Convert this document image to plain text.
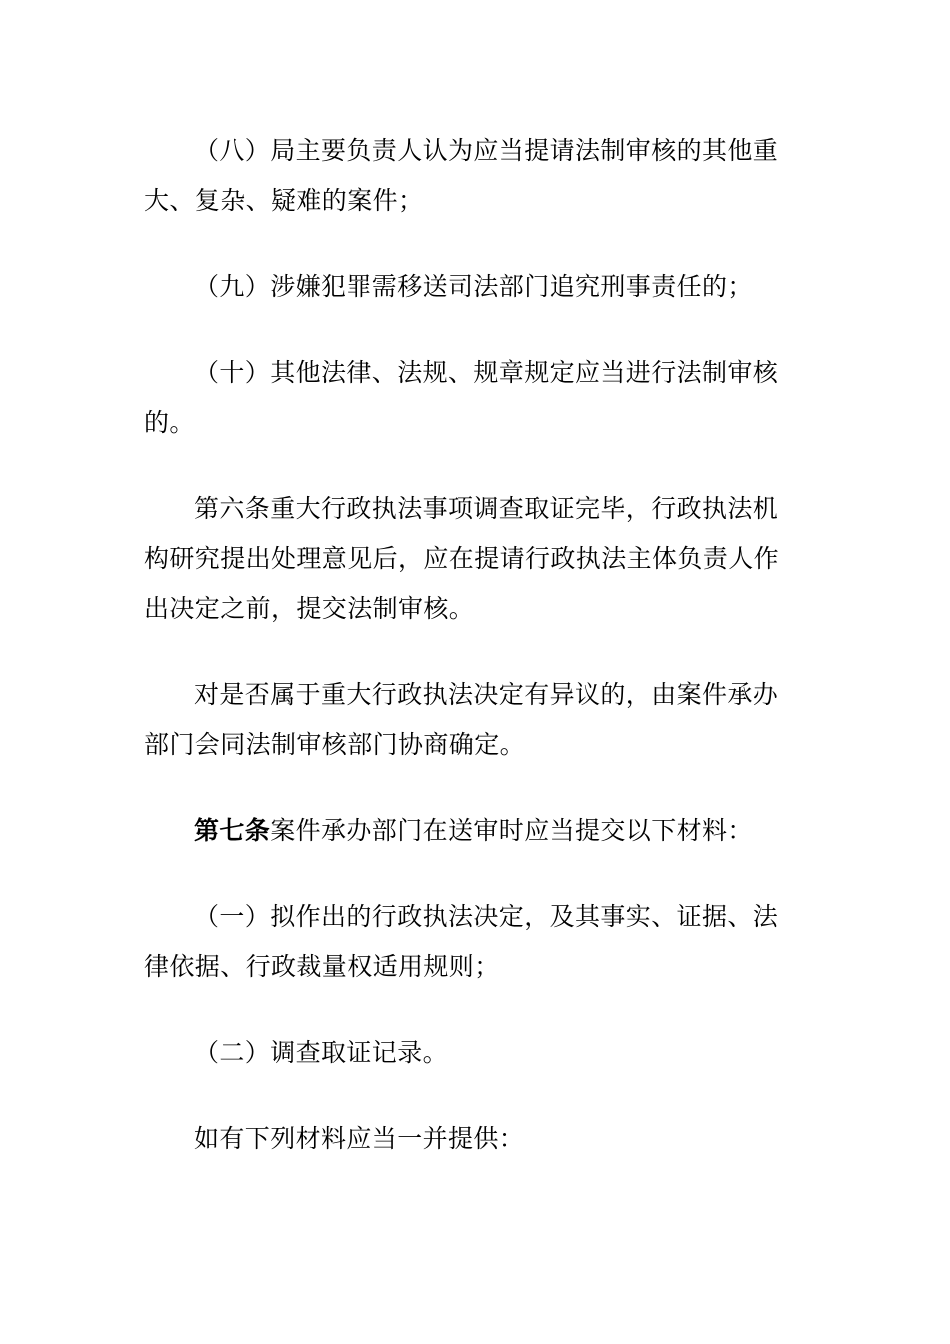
（八）局主要负责人认为应当提请法制审核的其他重大、复杂、疑难的案件；

（九）涉嫌犯罪需移送司法部门追究刑事责任的；

（十）其他法律、法规、规章规定应当进行法制审核的。

第六条重大行政执法事项调查取证完毕，行政执法机构研究提出处理意见后，应在提请行政执法主体负责人作出决定之前，提交法制审核。

对是否属于重大行政执法决定有异议的，由案件承办部门会同法制审核部门协商确定。

第七条案件承办部门在送审时应当提交以下材料：

（一）拟作出的行政执法决定，及其事实、证据、法律依据、行政裁量权适用规则；

（二）调查取证记录。

如有下列材料应当一并提供：
